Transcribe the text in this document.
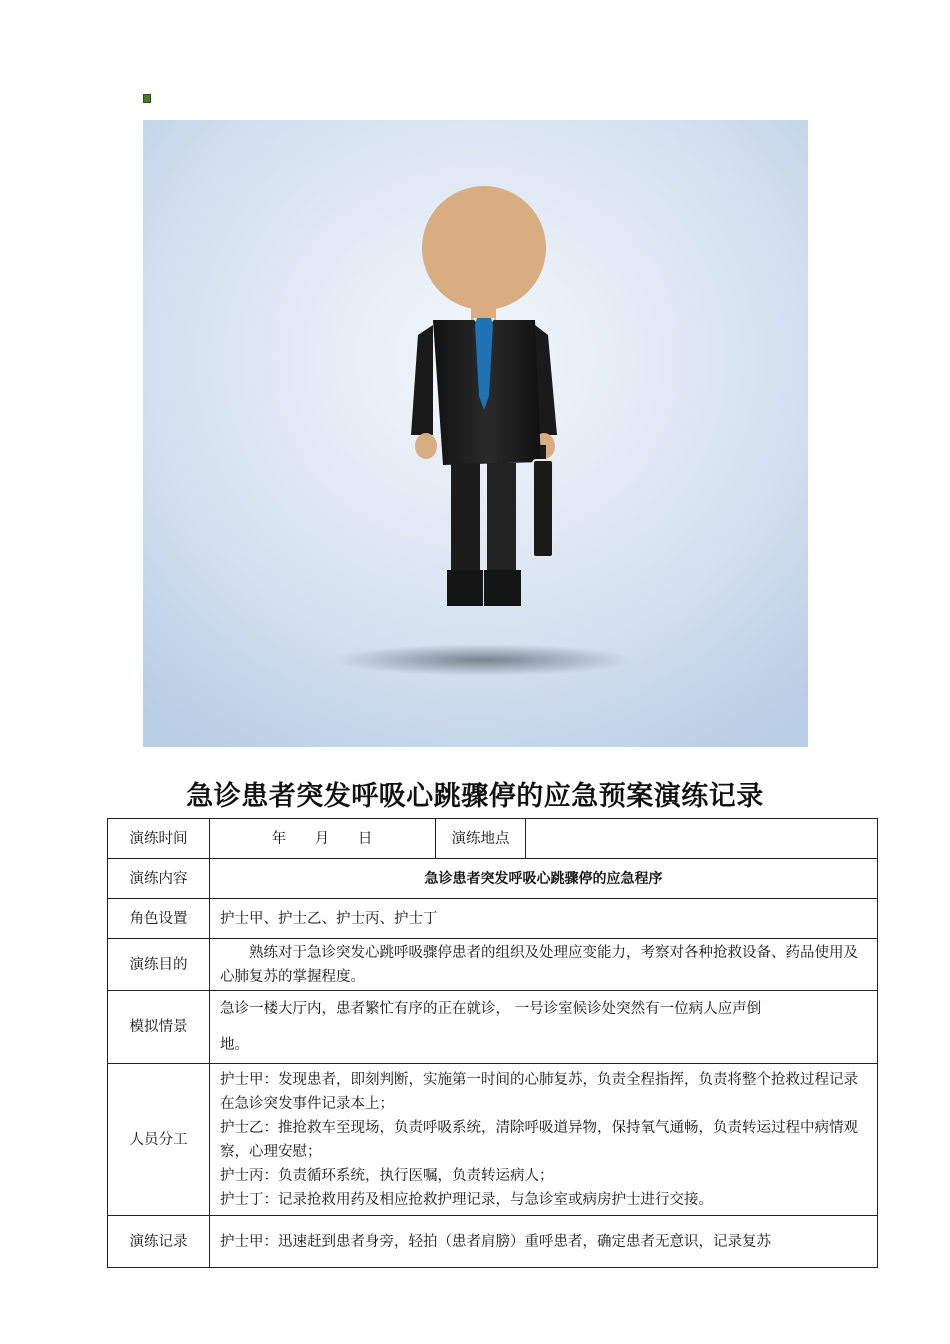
急诊患者突发呼吸心跳骤停的应急预案演练记录
演练时间	年 月 日	演练地点	
演练内容	急诊患者突发呼吸心跳骤停的应急程序		
角色设置	护士甲、护士乙、护士丙、护士丁		
演练目的	熟练对于急诊突发心跳呼吸骤停患者的组织及处理应变能力，考察对各种抢救设备、药品使用及心肺复苏的掌握程度。		

模拟情景	急诊一楼大厅内，患者繁忙有序的正在就诊， 一号诊室候诊处突然有一位病人应声倒

地。		

人员分工	护士甲：发现患者，即刻判断，实施第一时间的心肺复苏，负责全程指挥，负责将整个抢救过程记录在急诊突发事件记录本上；

护士乙：推抢救车至现场，负责呼吸系统，清除呼吸道异物，保持氧气通畅，负责转运过程中病情观察，心理安慰；

护士丙：负责循环系统，执行医嘱，负责转运病人；

护士丁：记录抢救用药及相应抢救护理记录，与急诊室或病房护士进行交接。		

演练记录	护士甲：迅速赶到患者身旁，轻拍（患者肩膀）重呼患者，确定患者无意识，记录复苏		
